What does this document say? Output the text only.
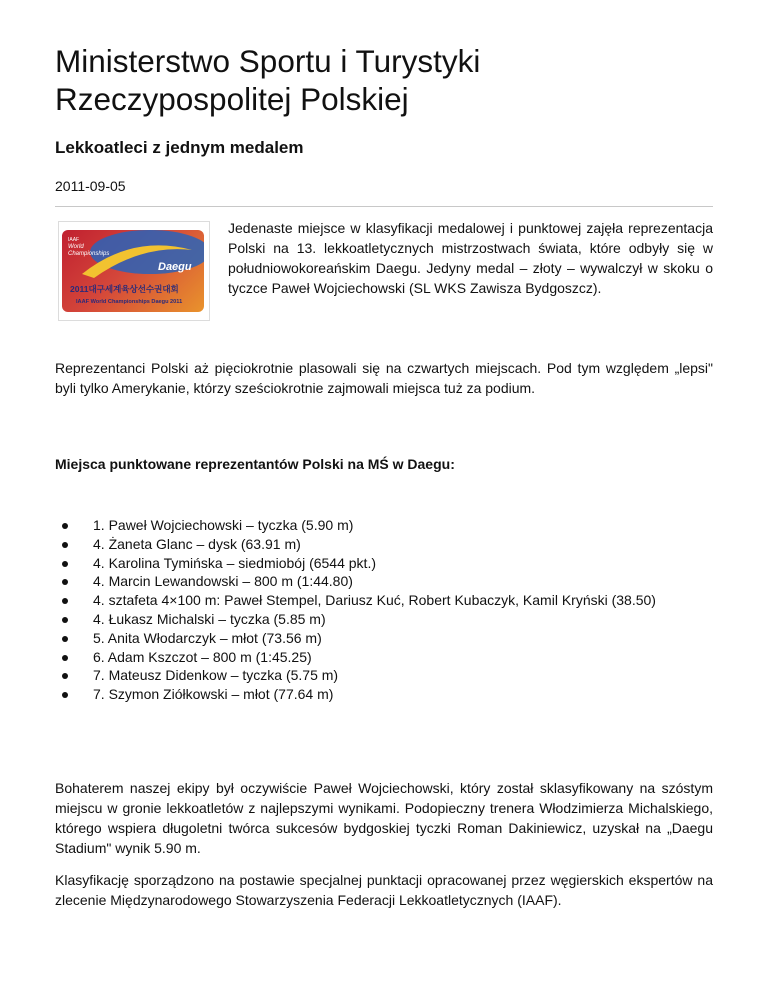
Ministerstwo Sportu i Turystyki
Rzeczypospolitej Polskiej
Lekkoatleci z jednym medalem
2011-09-05
IAAF
World
Championships
Daegu
2011대구세계육상선수권대회
IAAF World Championships Daegu 2011

Jedenaste miejsce w klasyfikacji medalowej i punktowej zajęła reprezentacja Polski na 13. lekkoatletycznych mistrzostwach świata, które odbyły się w południowokoreańskim Daegu. Jedyny medal – złoty – wywalczył w skoku o tyczce Paweł Wojciechowski (SL WKS Zawisza Bydgoszcz).

Reprezentanci Polski aż pięciokrotnie plasowali się na czwartych miejscach. Pod tym względem „lepsi" byli tylko Amerykanie, którzy sześciokrotnie zajmowali miejsca tuż za podium.

Miejsca punktowane reprezentantów Polski na MŚ w Daegu:
1. Paweł Wojciechowski – tyczka (5.90 m)
4. Żaneta Glanc – dysk (63.91 m)
4. Karolina Tymińska – siedmiobój (6544 pkt.)
4. Marcin Lewandowski – 800 m (1:44.80)
4. sztafeta 4×100 m: Paweł Stempel, Dariusz Kuć, Robert Kubaczyk, Kamil Kryński (38.50)
4. Łukasz Michalski – tyczka (5.85 m)
5. Anita Włodarczyk – młot (73.56 m)
6. Adam Kszczot – 800 m (1:45.25)
7. Mateusz Didenkow – tyczka (5.75 m)
7. Szymon Ziółkowski – młot (77.64 m)

Bohaterem naszej ekipy był oczywiście Paweł Wojciechowski, który został sklasyfikowany na szóstym miejscu w gronie lekkoatletów z najlepszymi wynikami. Podopieczny trenera Włodzimierza Michalskiego, którego wspiera długoletni twórca sukcesów bydgoskiej tyczki Roman Dakiniewicz, uzyskał na „Daegu Stadium" wynik 5.90 m.

Klasyfikację sporządzono na postawie specjalnej punktacji opracowanej przez węgierskich ekspertów na zlecenie Międzynarodowego Stowarzyszenia Federacji Lekkoatletycznych (IAAF).
